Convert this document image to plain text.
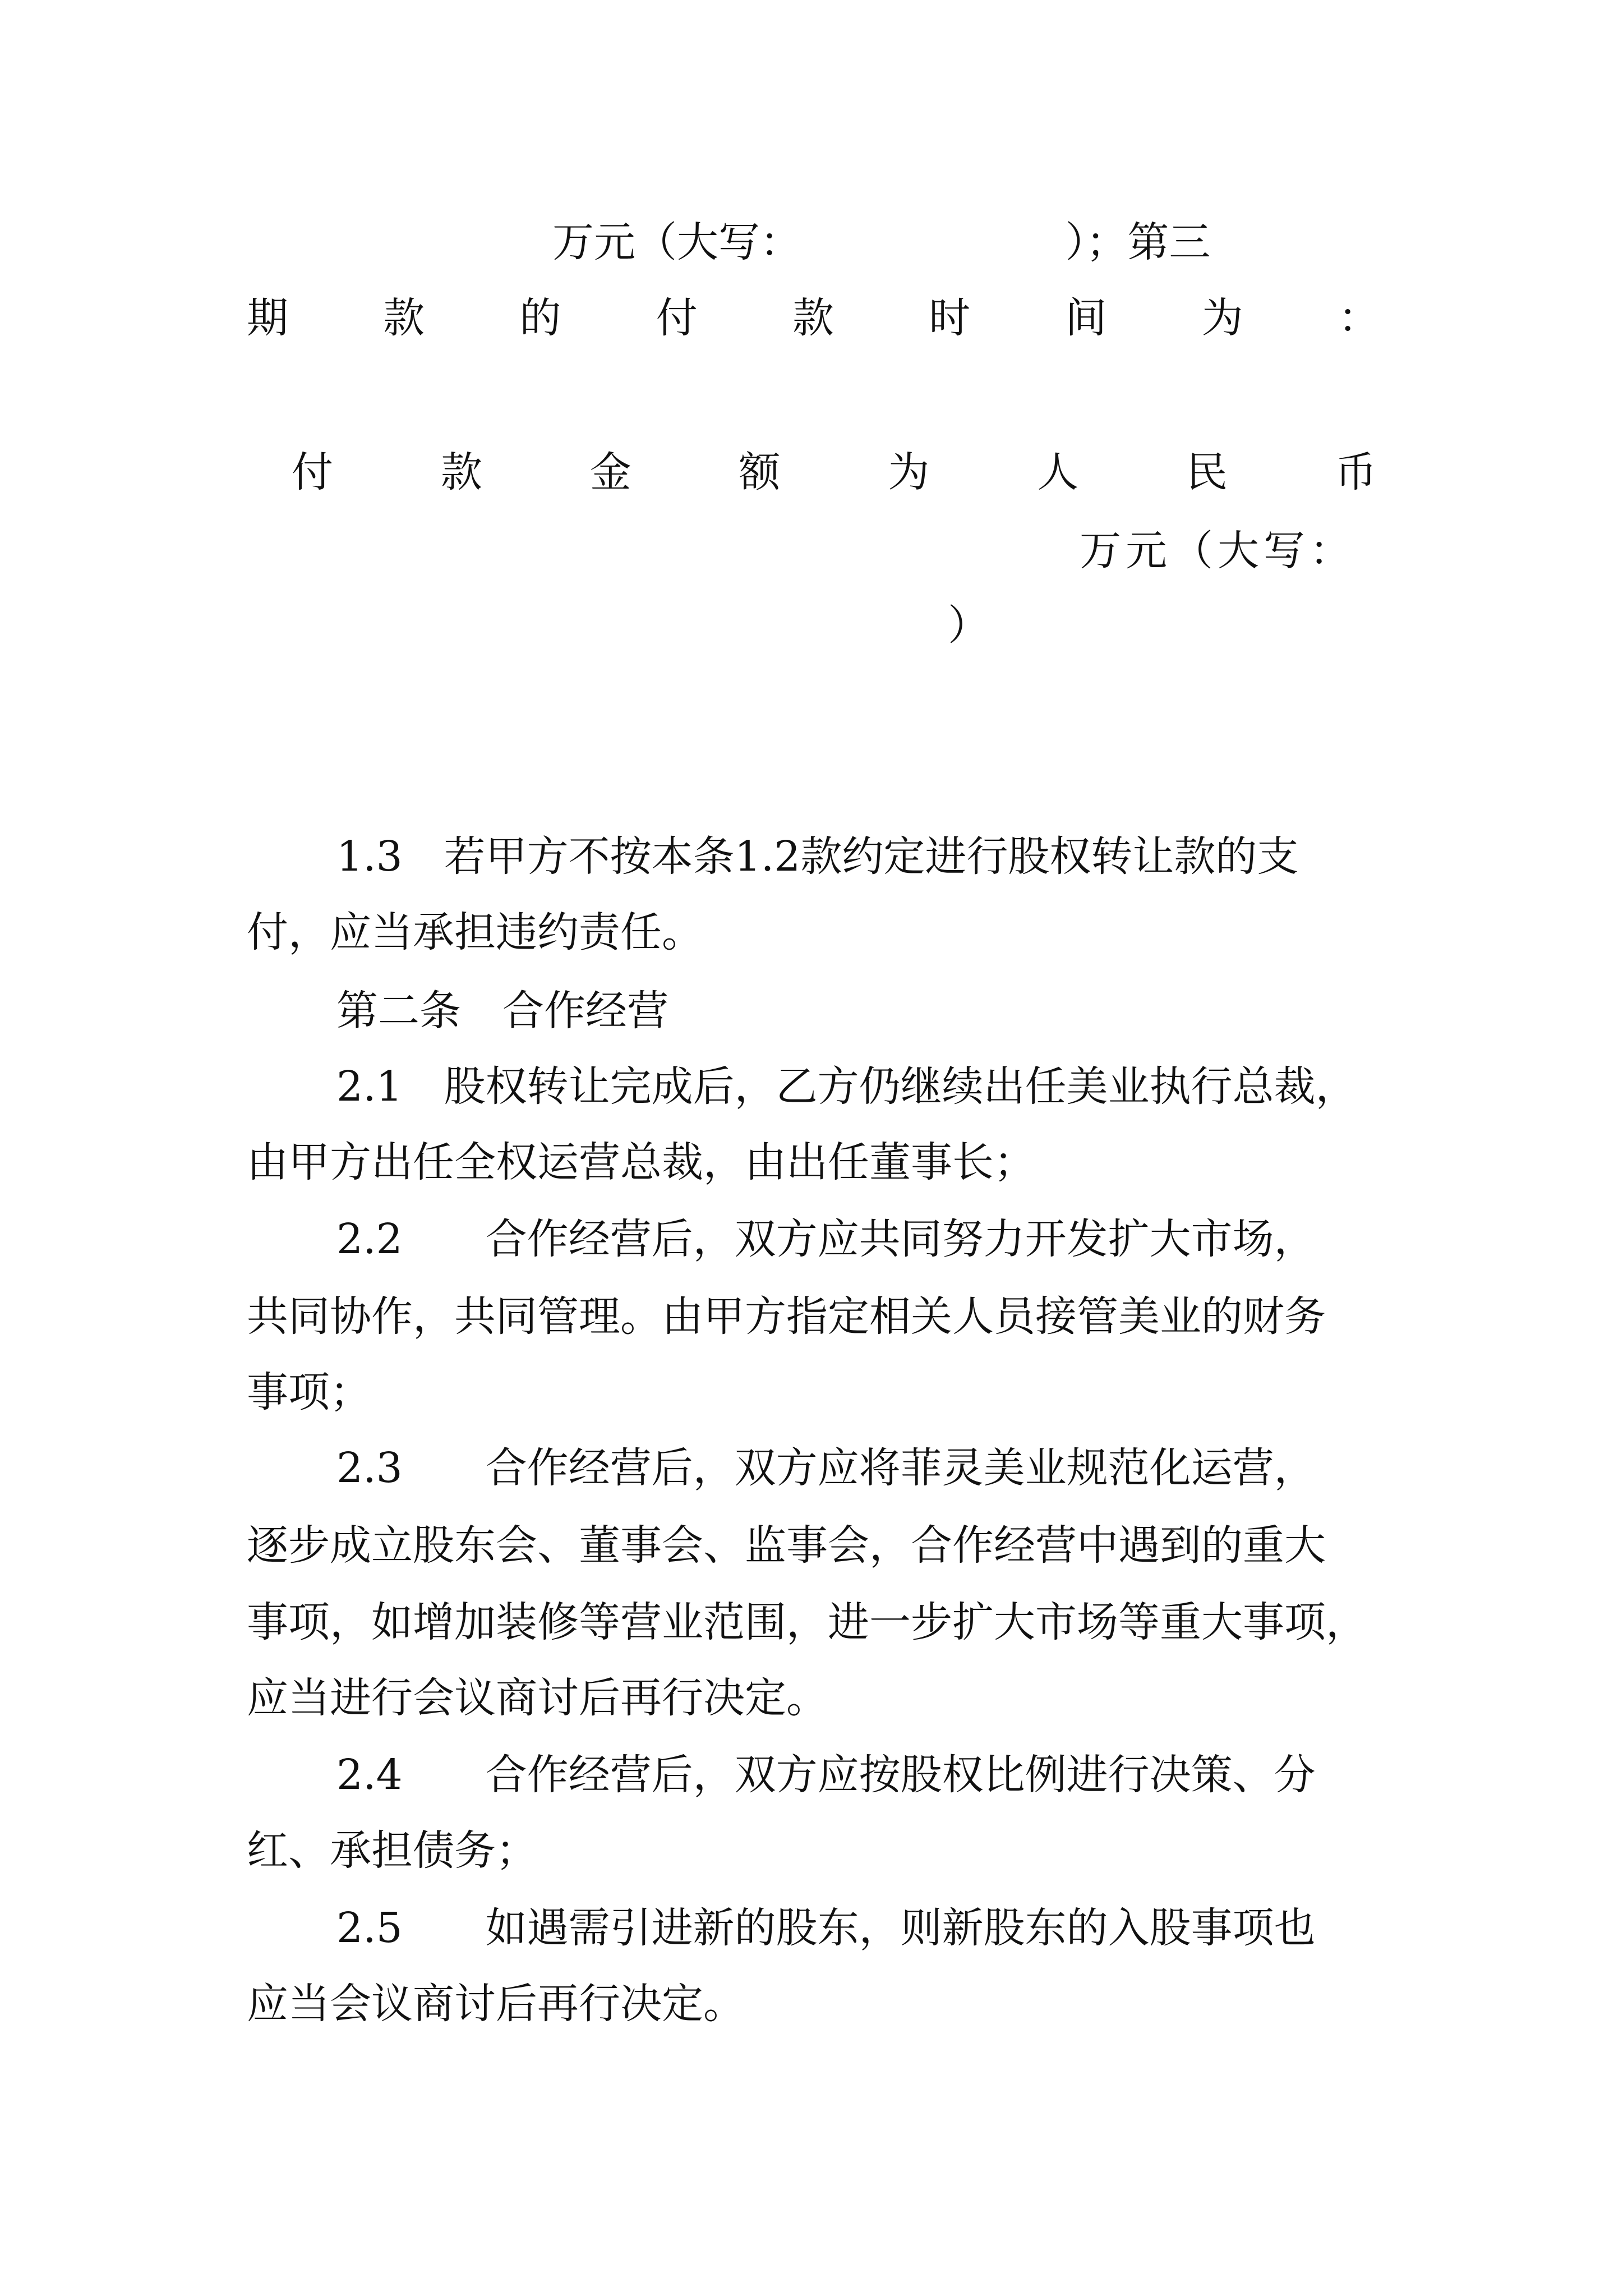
万元（大写：                    ）；第三
期 款 的 付 款 时 间 为 ：
付	款	金	额	为	人	民	币
万元（大写：
）
1.3　若甲方不按本条1.2款约定进行股权转让款的支
付，应当承担违约责任。
第二条　合作经营
2.1　股权转让完成后，乙方仍继续出任美业执行总裁，
由甲方出任全权运营总裁，由出任董事长；
2.2　　合作经营后，双方应共同努力开发扩大市场，
共同协作，共同管理。由甲方指定相关人员接管美业的财务
事项；
2.3　　合作经营后，双方应将菲灵美业规范化运营，
逐步成立股东会、董事会、监事会，合作经营中遇到的重大
事项，如增加装修等营业范围，进一步扩大市场等重大事项，
应当进行会议商讨后再行决定。
2.4　　合作经营后，双方应按股权比例进行决策、分
红、承担债务；
2.5　　如遇需引进新的股东，则新股东的入股事项也
应当会议商讨后再行决定。
